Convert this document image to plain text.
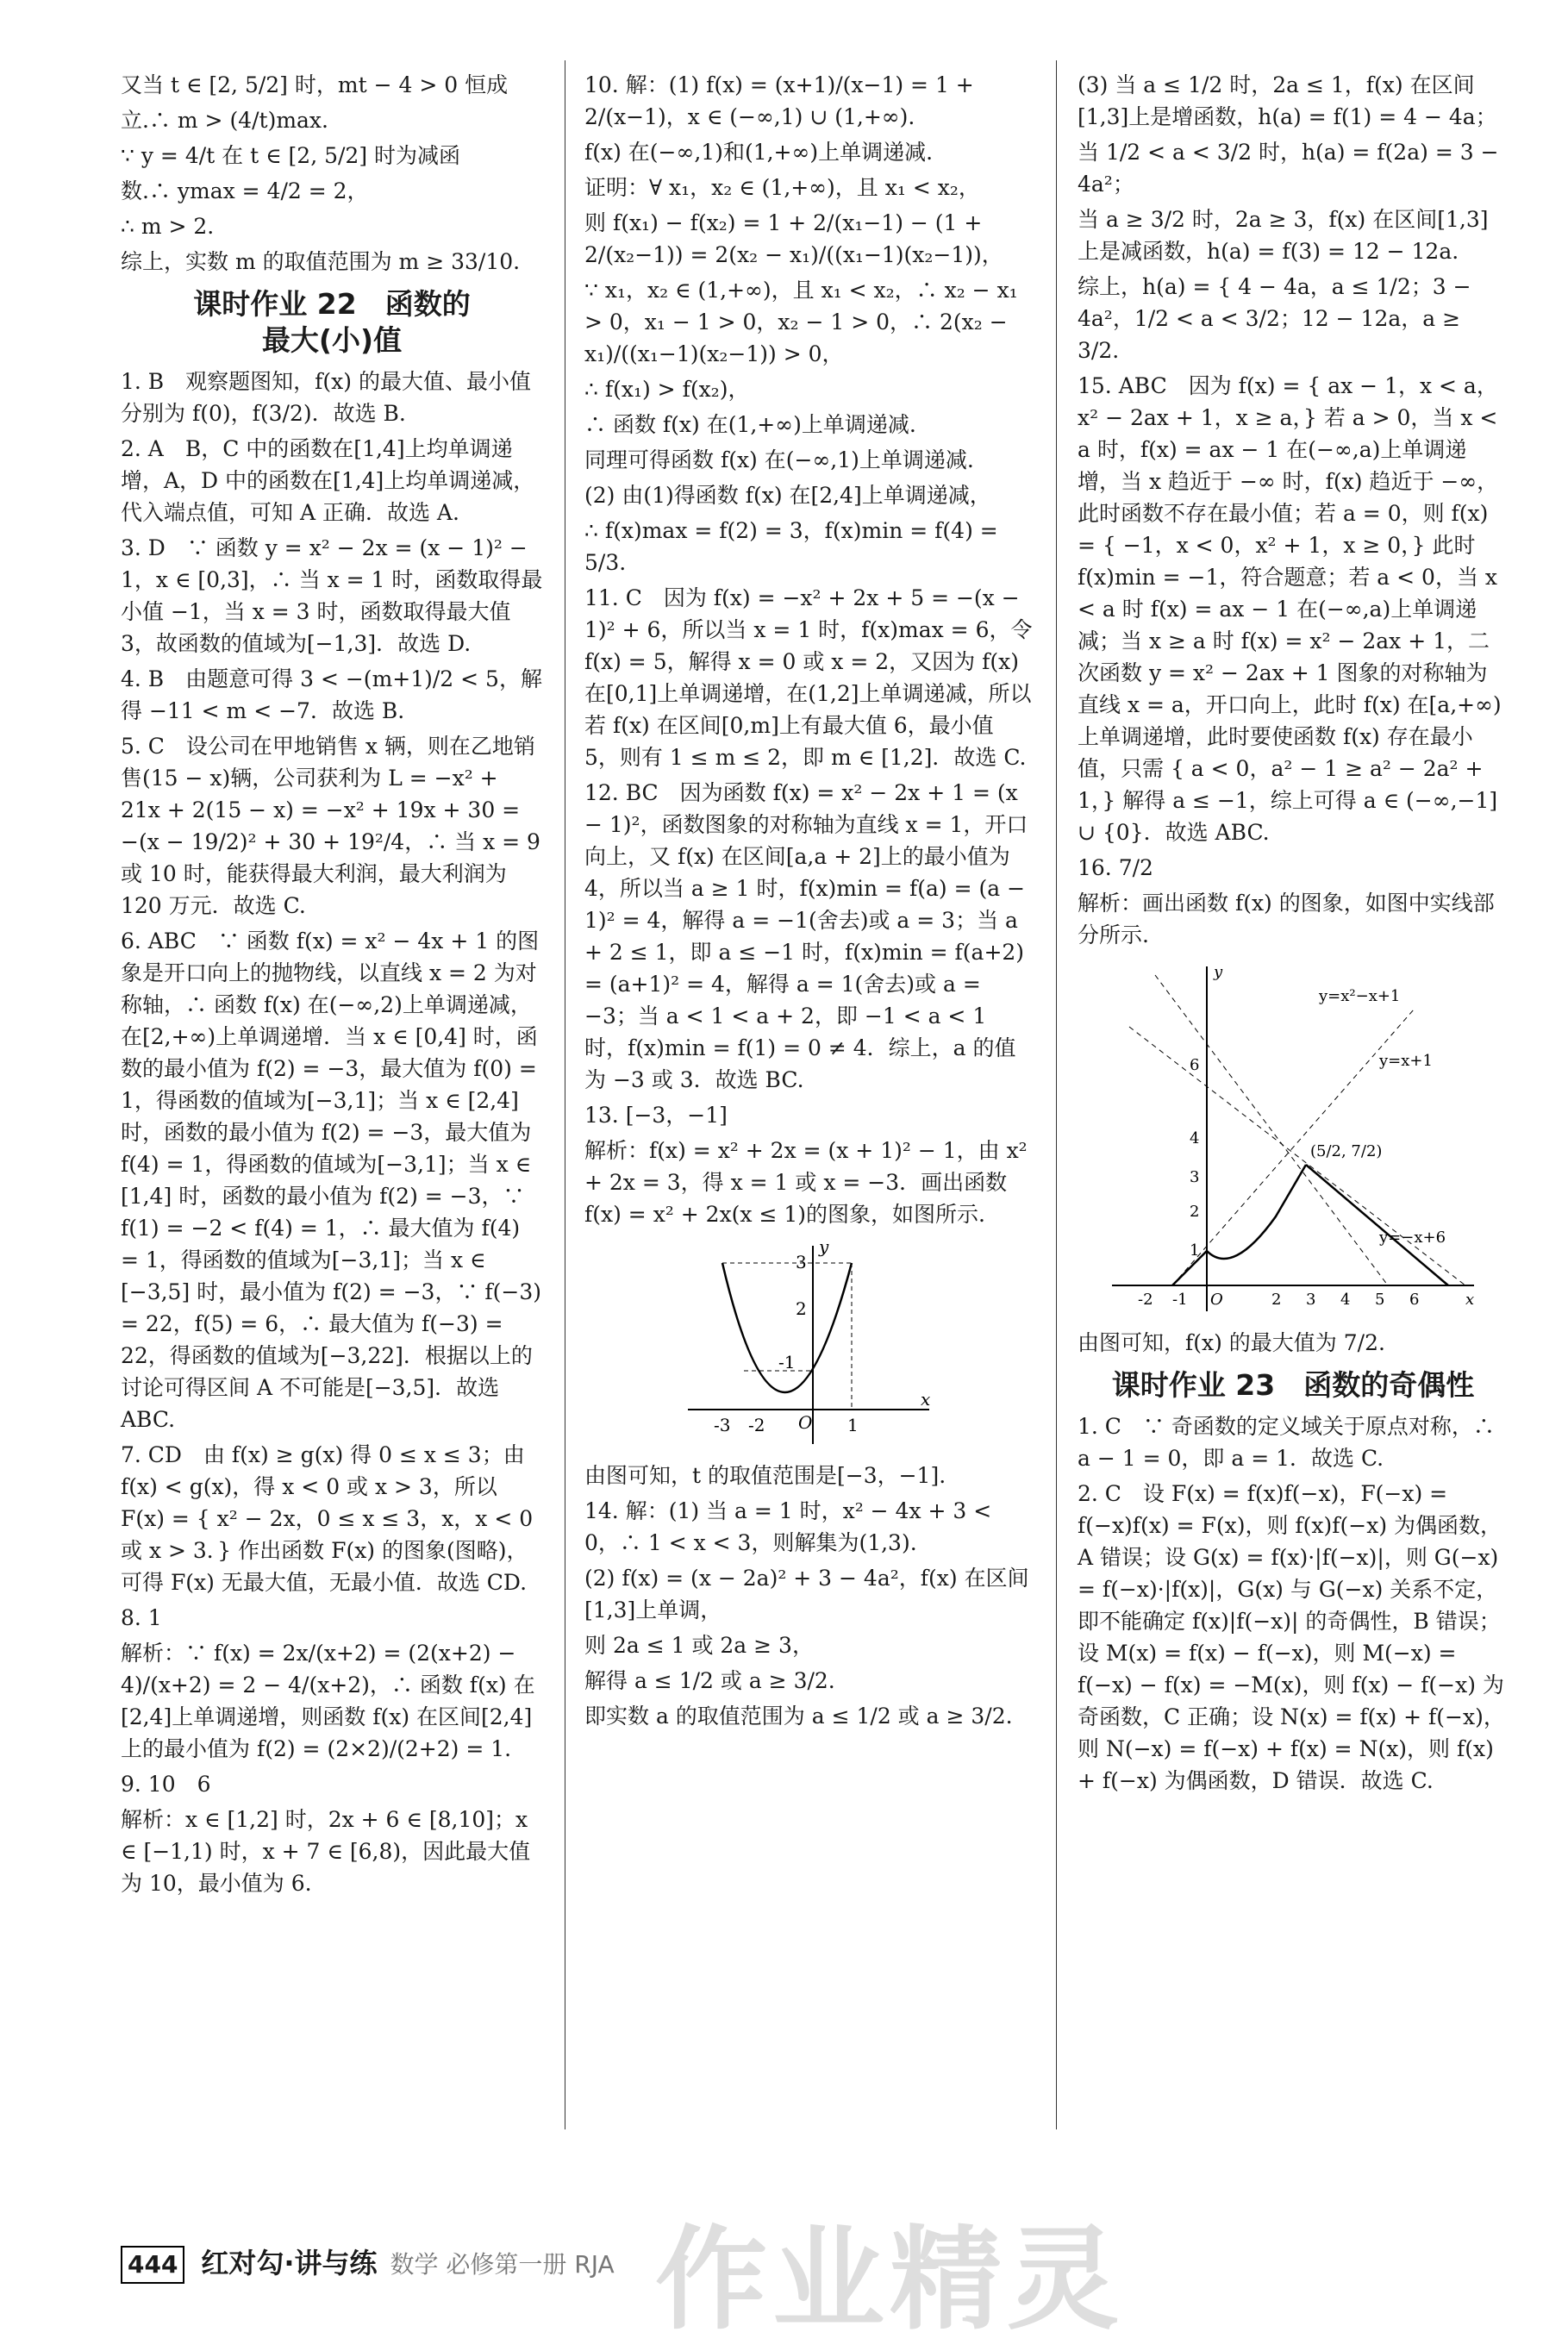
又当 t ∈ [2, 5/2] 时，mt − 4 > 0 恒成

立.∴ m > (4/t)max.

∵ y = 4/t 在 t ∈ [2, 5/2] 时为减函

数.∴ ymax = 4/2 = 2，

∴ m > 2.

综上，实数 m 的取值范围为 m ≥ 33/10.

课时作业 22　函数的
最大(小)值

1. B　观察题图知，f(x) 的最大值、最小值分别为 f(0)，f(3/2)．故选 B.

2. A　B，C 中的函数在[1,4]上均单调递增，A，D 中的函数在[1,4]上均单调递减，代入端点值，可知 A 正确．故选 A.

3. D　∵ 函数 y = x² − 2x = (x − 1)² − 1，x ∈ [0,3]，∴ 当 x = 1 时，函数取得最小值 −1，当 x = 3 时，函数取得最大值 3，故函数的值域为[−1,3]．故选 D.

4. B　由题意可得 3 < −(m+1)/2 < 5，解得 −11 < m < −7．故选 B.

5. C　设公司在甲地销售 x 辆，则在乙地销售(15 − x)辆，公司获利为 L = −x² + 21x + 2(15 − x) = −x² + 19x + 30 = −(x − 19/2)² + 30 + 19²/4，∴ 当 x = 9 或 10 时，能获得最大利润，最大利润为 120 万元．故选 C.

6. ABC　∵ 函数 f(x) = x² − 4x + 1 的图象是开口向上的抛物线，以直线 x = 2 为对称轴，∴ 函数 f(x) 在(−∞,2)上单调递减，在[2,+∞)上单调递增．当 x ∈ [0,4] 时，函数的最小值为 f(2) = −3，最大值为 f(0) = 1，得函数的值域为[−3,1]；当 x ∈ [2,4] 时，函数的最小值为 f(2) = −3，最大值为 f(4) = 1，得函数的值域为[−3,1]；当 x ∈ [1,4] 时，函数的最小值为 f(2) = −3，∵ f(1) = −2 < f(4) = 1，∴ 最大值为 f(4) = 1，得函数的值域为[−3,1]；当 x ∈ [−3,5] 时，最小值为 f(2) = −3，∵ f(−3) = 22，f(5) = 6，∴ 最大值为 f(−3) = 22，得函数的值域为[−3,22]．根据以上的讨论可得区间 A 不可能是[−3,5]．故选 ABC.

7. CD　由 f(x) ≥ g(x) 得 0 ≤ x ≤ 3；由 f(x) < g(x)，得 x < 0 或 x > 3，所以 F(x) = { x² − 2x，0 ≤ x ≤ 3，x，x < 0 或 x > 3．} 作出函数 F(x) 的图象(图略)，可得 F(x) 无最大值，无最小值．故选 CD.

8. 1

解析：∵ f(x) = 2x/(x+2) = (2(x+2) − 4)/(x+2) = 2 − 4/(x+2)，∴ 函数 f(x) 在[2,4]上单调递增，则函数 f(x) 在区间[2,4]上的最小值为 f(2) = (2×2)/(2+2) = 1.

9. 10　6

解析：x ∈ [1,2] 时，2x + 6 ∈ [8,10]；x ∈ [−1,1) 时，x + 7 ∈ [6,8)，因此最大值为 10，最小值为 6.

10. 解：(1) f(x) = (x+1)/(x−1) = 1 + 2/(x−1)，x ∈ (−∞,1) ∪ (1,+∞).

f(x) 在(−∞,1)和(1,+∞)上单调递减.

证明：∀ x₁，x₂ ∈ (1,+∞)，且 x₁ < x₂，

则 f(x₁) − f(x₂) = 1 + 2/(x₁−1) − (1 + 2/(x₂−1)) = 2(x₂ − x₁)/((x₁−1)(x₂−1))，

∵ x₁，x₂ ∈ (1,+∞)，且 x₁ < x₂，∴ x₂ − x₁ > 0，x₁ − 1 > 0，x₂ − 1 > 0，∴ 2(x₂ − x₁)/((x₁−1)(x₂−1)) > 0，

∴ f(x₁) > f(x₂)，

∴ 函数 f(x) 在(1,+∞)上单调递减.

同理可得函数 f(x) 在(−∞,1)上单调递减.

(2) 由(1)得函数 f(x) 在[2,4]上单调递减，

∴ f(x)max = f(2) = 3，f(x)min = f(4) = 5/3.

11. C　因为 f(x) = −x² + 2x + 5 = −(x − 1)² + 6，所以当 x = 1 时，f(x)max = 6，令 f(x) = 5，解得 x = 0 或 x = 2，又因为 f(x) 在[0,1]上单调递增，在(1,2]上单调递减，所以若 f(x) 在区间[0,m]上有最大值 6，最小值 5，则有 1 ≤ m ≤ 2，即 m ∈ [1,2]．故选 C.

12. BC　因为函数 f(x) = x² − 2x + 1 = (x − 1)²，函数图象的对称轴为直线 x = 1，开口向上，又 f(x) 在区间[a,a + 2]上的最小值为 4，所以当 a ≥ 1 时，f(x)min = f(a) = (a − 1)² = 4，解得 a = −1(舍去)或 a = 3；当 a + 2 ≤ 1，即 a ≤ −1 时，f(x)min = f(a+2) = (a+1)² = 4，解得 a = 1(舍去)或 a = −3；当 a < 1 < a + 2，即 −1 < a < 1 时，f(x)min = f(1) = 0 ≠ 4．综上，a 的值为 −3 或 3．故选 BC.

13. [−3，−1]

解析：f(x) = x² + 2x = (x + 1)² − 1，由 x² + 2x = 3，得 x = 1 或 x = −3．画出函数 f(x) = x² + 2x(x ≤ 1)的图象，如图所示.

-3 -2 O 1
x
y
3
2
-1

由图可知，t 的取值范围是[−3，−1].

14. 解：(1) 当 a = 1 时，x² − 4x + 3 < 0，∴ 1 < x < 3，则解集为(1,3).

(2) f(x) = (x − 2a)² + 3 − 4a²，f(x) 在区间[1,3]上单调，

则 2a ≤ 1 或 2a ≥ 3，

解得 a ≤ 1/2 或 a ≥ 3/2.

即实数 a 的取值范围为 a ≤ 1/2 或 a ≥ 3/2.

(3) 当 a ≤ 1/2 时，2a ≤ 1，f(x) 在区间[1,3]上是增函数，h(a) = f(1) = 4 − 4a；

当 1/2 < a < 3/2 时，h(a) = f(2a) = 3 − 4a²；

当 a ≥ 3/2 时，2a ≥ 3，f(x) 在区间[1,3]上是减函数，h(a) = f(3) = 12 − 12a.

综上，h(a) = { 4 − 4a，a ≤ 1/2；3 − 4a²，1/2 < a < 3/2；12 − 12a，a ≥ 3/2.

15. ABC　因为 f(x) = { ax − 1，x < a，x² − 2ax + 1，x ≥ a，} 若 a > 0，当 x < a 时，f(x) = ax − 1 在(−∞,a)上单调递增，当 x 趋近于 −∞ 时，f(x) 趋近于 −∞，此时函数不存在最小值；若 a = 0，则 f(x) = { −1，x < 0，x² + 1，x ≥ 0，} 此时 f(x)min = −1，符合题意；若 a < 0，当 x < a 时 f(x) = ax − 1 在(−∞,a)上单调递减；当 x ≥ a 时 f(x) = x² − 2ax + 1，二次函数 y = x² − 2ax + 1 图象的对称轴为直线 x = a，开口向上，此时 f(x) 在[a,+∞)上单调递增，此时要使函数 f(x) 存在最小值，只需 { a < 0，a² − 1 ≥ a² − 2a² + 1，} 解得 a ≤ −1，综上可得 a ∈ (−∞,−1] ∪ {0}．故选 ABC.

16. 7/2

解析：画出函数 f(x) 的图象，如图中实线部分所示.

y=x²−x+1
y=x+1
y=−x+6
(5/2, 7/2)
y
x
O
6
4
3
2
1
-2 -1	2 3 4 5 6

由图可知，f(x) 的最大值为 7/2.

课时作业 23　函数的奇偶性

1. C　∵ 奇函数的定义域关于原点对称，∴ a − 1 = 0，即 a = 1．故选 C.

2. C　设 F(x) = f(x)f(−x)，F(−x) = f(−x)f(x) = F(x)，则 f(x)f(−x) 为偶函数，A 错误；设 G(x) = f(x)·|f(−x)|，则 G(−x) = f(−x)·|f(x)|，G(x) 与 G(−x) 关系不定，即不能确定 f(x)|f(−x)| 的奇偶性，B 错误；设 M(x) = f(x) − f(−x)，则 M(−x) = f(−x) − f(x) = −M(x)，则 f(x) − f(−x) 为奇函数，C 正确；设 N(x) = f(x) + f(−x)，则 N(−x) = f(−x) + f(x) = N(x)，则 f(x) + f(−x) 为偶函数，D 错误．故选 C.

444 红对勾·讲与练 数学 必修第一册 RJA 作业精灵
